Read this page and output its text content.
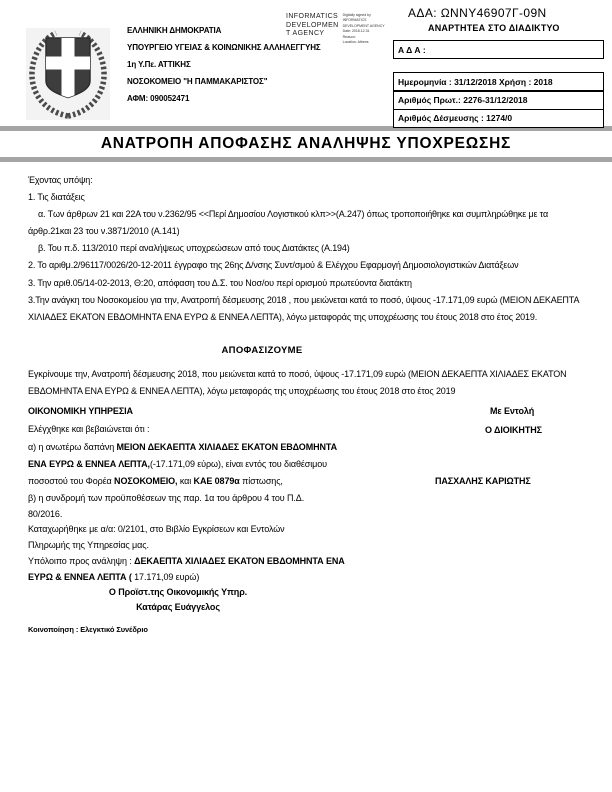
ΕΛΛΗΝΙΚΗ ΔΗΜΟΚΡΑΤΙΑ
ΥΠΟΥΡΓΕΙΟ ΥΓΕΙΑΣ & ΚΟΙΝΩΝΙΚΗΣ ΑΛΛΗΛΕΓΓΥΗΣ
1η Υ.Πε. ΑΤΤΙΚΗΣ
ΝΟΣΟΚΟΜΕΙΟ "Η ΠΑΜΜΑΚΑΡΙΣΤΟΣ"
ΑΦΜ: 090052471
INFORMATICS
DEVELOPMEN
T AGENCY
Digitally signed by
INFORMATICS
DEVELOPMENT AGENCY
Date: 2018.12.31
Reason:
Location: Athens
ΑΔΑ: ΩΝΝΥ46907Γ-09Ν
ΑΝΑΡΤΗΤΕΑ ΣΤΟ ΔΙΑΔΙΚΤΥΟ
Α Δ Α :
Ημερομηνία : 31/12/2018 Χρήση : 2018
Αριθμός Πρωτ.: 2276-31/12/2018
Αριθμός Δέσμευσης : 1274/0
ΑΝΑΤΡΟΠΗ ΑΠΟΦΑΣΗΣ ΑΝΑΛΗΨΗΣ ΥΠΟΧΡΕΩΣΗΣ
Έχοντας υπόψη:
1. Τις διατάξεις
α. Των άρθρων 21 και 22Α του ν.2362/95 <<Περί Δημοσίου Λογιστικού κλπ>>(Α.247) όπως τροποποιήθηκε και συμπληρώθηκε με τα
άρθρ.21και 23 του ν.3871/2010 (Α.141)
β. Του π.δ. 113/2010 περί αναλήψεως υποχρεώσεων από τους Διατάκτες (Α.194)
2. Το αριθμ.2/96117/0026/20-12-2011 έγγραφο της 26ης Δ/νσης Συντ/σμού & Ελέγχου Εφαρμογή Δημοσιολογιστικών Διατάξεων
3. Την αριθ.05/14-02-2013, Θ:20, απόφαση του Δ.Σ. του Νοσ/ου περί ορισμού πρωτεύοντα διατάκτη
3.Την ανάγκη του Νοσοκομείου για την, Ανατροπή δέσμευσης 2018 , που μειώνεται κατά το ποσό, ύψους -17.171,09 ευρώ (ΜΕΙΟΝ ΔΕΚΑΕΠΤΑ
ΧΙΛΙΑΔΕΣ ΕΚΑΤΟΝ ΕΒΔΟΜΗΝΤΑ ΕΝΑ ΕΥΡΩ & ΕΝΝΕΑ ΛΕΠΤΑ), λόγω μεταφοράς της υποχρέωσης του έτους 2018 στο έτος 2019.
ΑΠΟΦΑΣΙΖΟΥΜΕ
Εγκρίνουμε την, Ανατροπή δέσμευσης 2018, που μειώνεται κατά το ποσό, ύψους -17.171,09 ευρώ (ΜΕΙΟΝ ΔΕΚΑΕΠΤΑ ΧΙΛΙΑΔΕΣ ΕΚΑΤΟΝ
ΕΒΔΟΜΗΝΤΑ ΕΝΑ ΕΥΡΩ & ΕΝΝΕΑ ΛΕΠΤΑ), λόγω μεταφοράς της υποχρέωσης του έτους 2018 στο έτος 2019
ΟΙΚΟΝΟΜΙΚΗ ΥΠΗΡΕΣΙΑ
Ελέγχθηκε και βεβαιώνεται ότι :
α) η ανωτέρω δαπάνη ΜΕΙΟΝ ΔΕΚΑΕΠΤΑ ΧΙΛΙΑΔΕΣ ΕΚΑΤΟΝ ΕΒΔΟΜΗΝΤΑ
ΕΝΑ ΕΥΡΩ & ΕΝΝΕΑ ΛΕΠΤΑ,(-17.171,09 εύρω), είναι εντός του διαθέσιμου
ποσοστού του Φορέα ΝΟΣΟΚΟΜΕΙΟ, και ΚΑΕ 0879α πίστωσης,
β) η συνδρομή των προϋποθέσεων της παρ. 1α του άρθρου 4 του Π.Δ.
80/2016.
Καταχωρήθηκε με α/α: 0/2101, στο Βιβλίο Εγκρίσεων και Εντολών
Πληρωμής της Υπηρεσίας μας.
Υπόλοιπο προς ανάληψη : ΔΕΚΑΕΠΤΑ ΧΙΛΙΑΔΕΣ ΕΚΑΤΟΝ ΕΒΔΟΜΗΝΤΑ ΕΝΑ
ΕΥΡΩ & ΕΝΝΕΑ ΛΕΠΤΑ ( 17.171,09 ευρώ)
Ο Προϊστ.της Οικονομικής Υπηρ.
Κατάρας Ευάγγελος
Με Εντολή
Ο ΔΙΟΙΚΗΤΗΣ
ΠΑΣΧΑΛΗΣ ΚΑΡΙΩΤΗΣ
Κοινοποίηση : Ελεγκτικό Συνέδριο
